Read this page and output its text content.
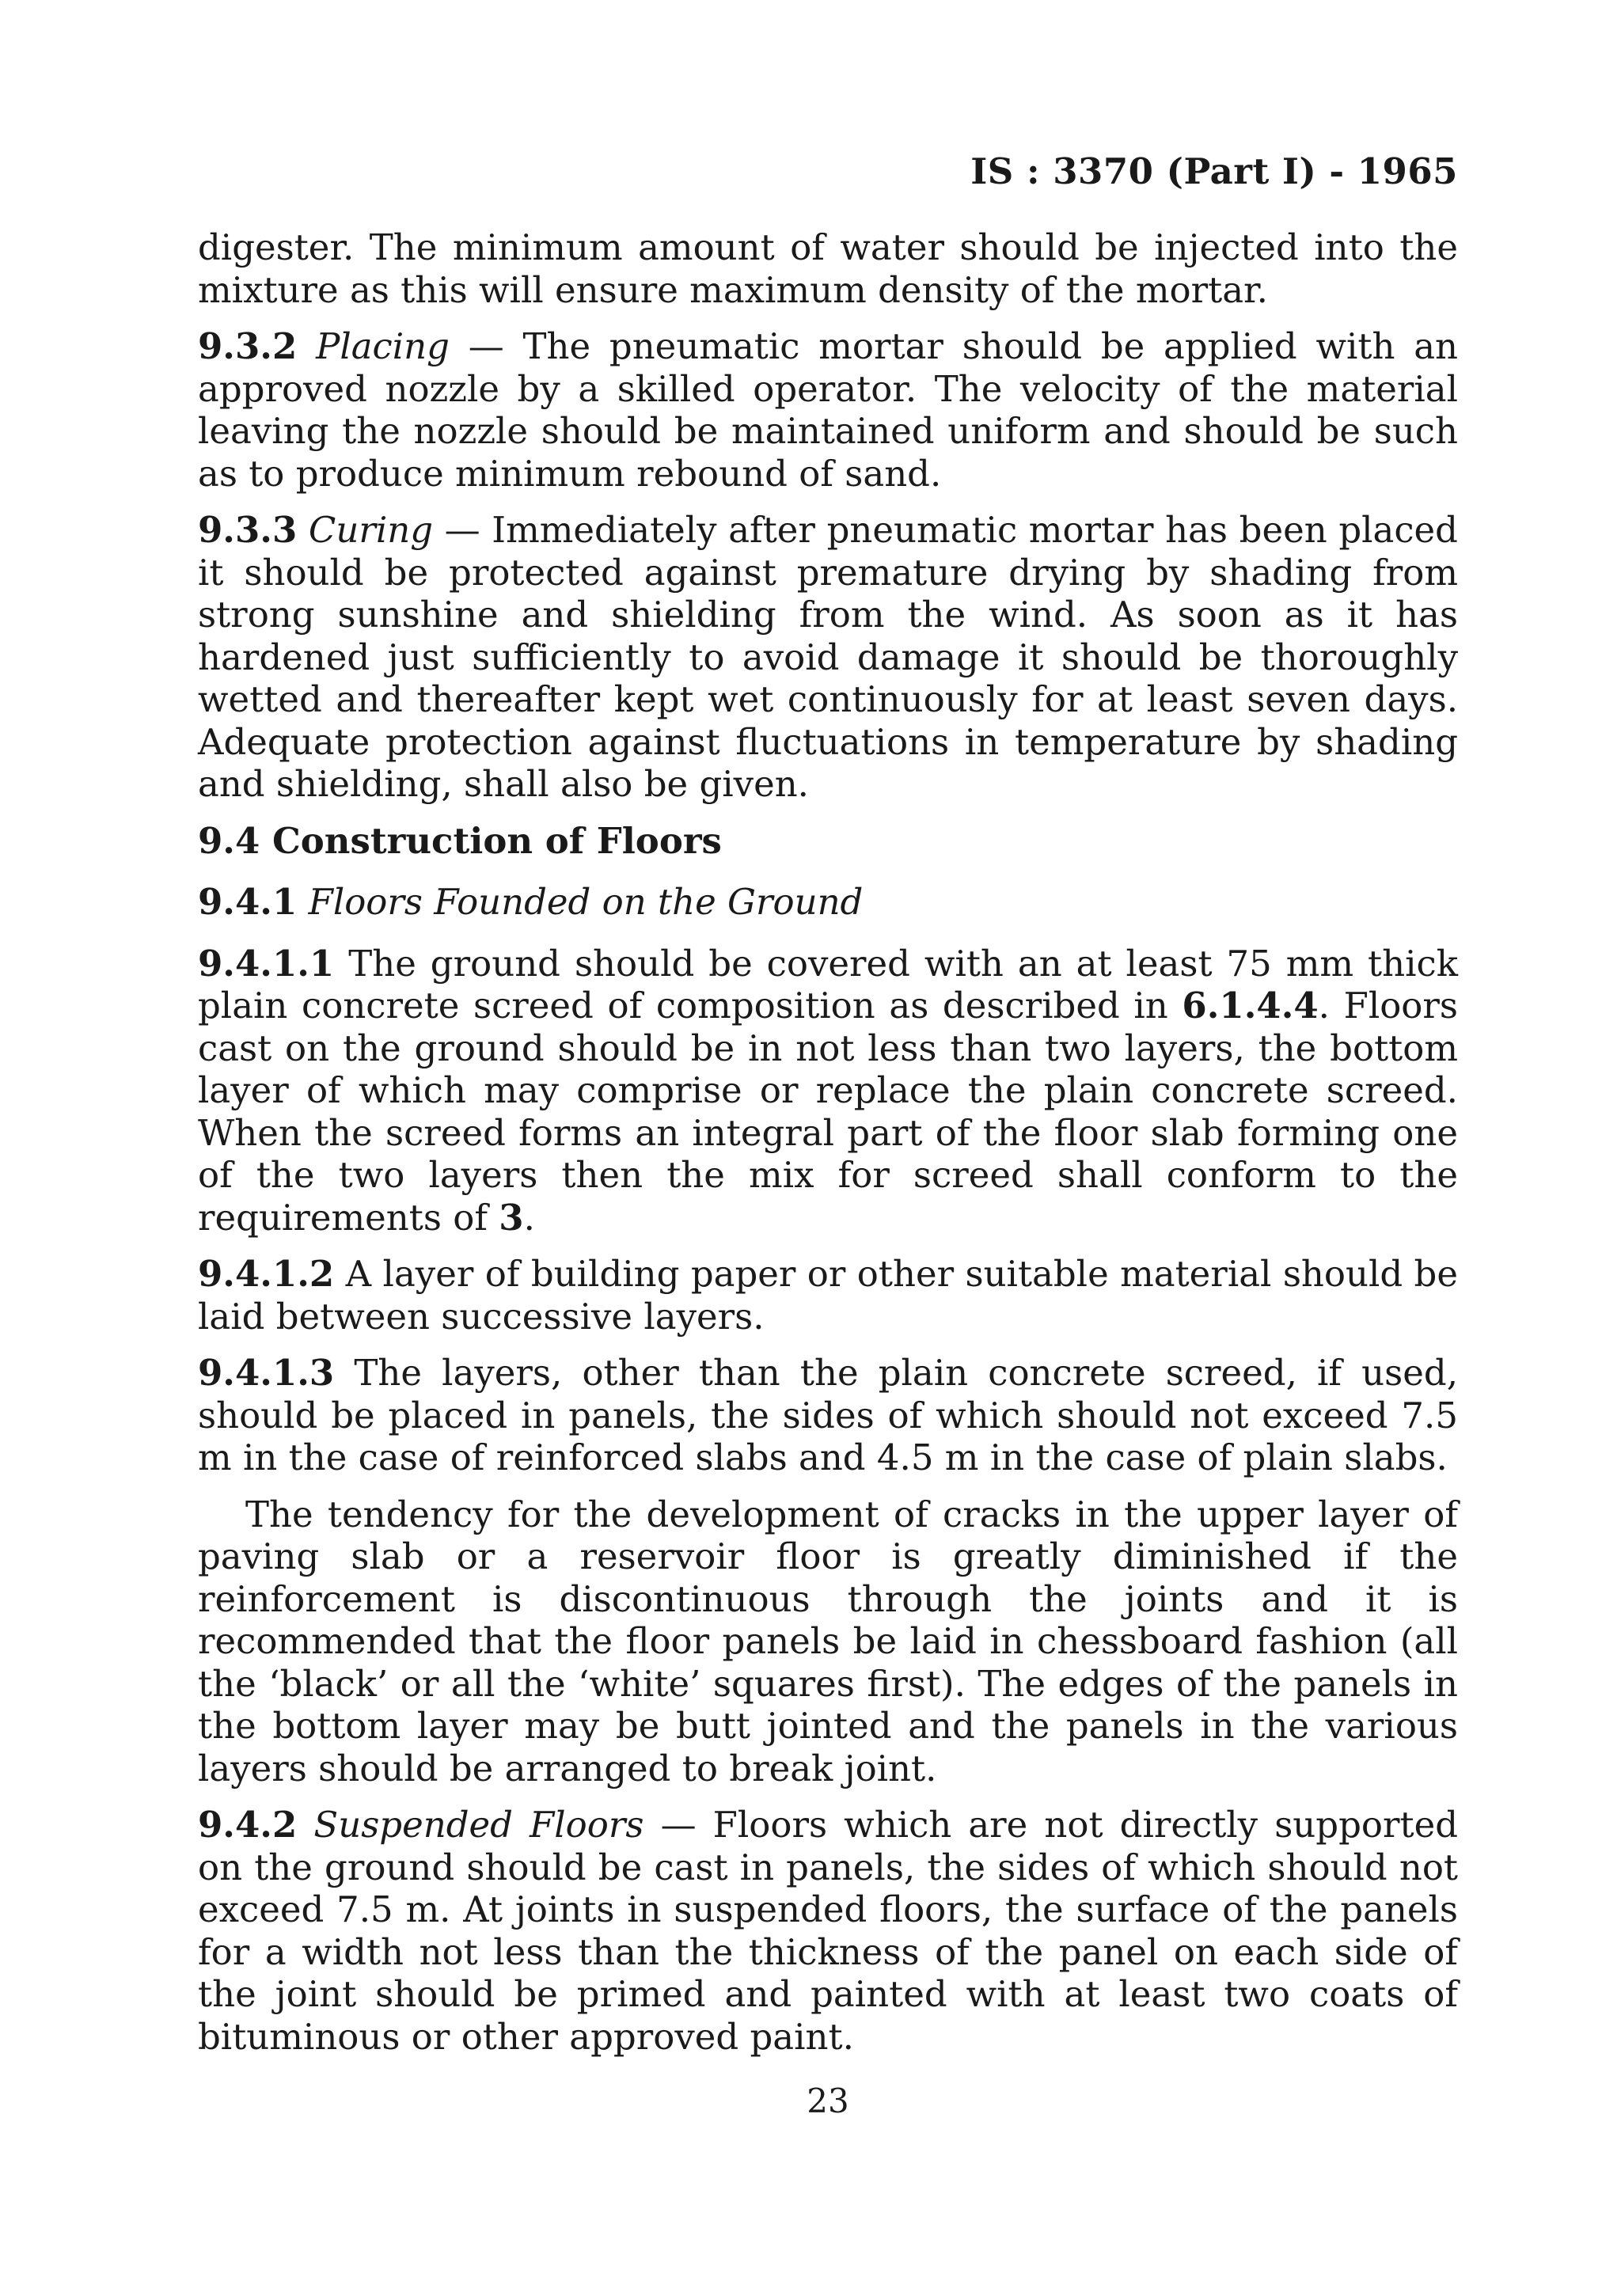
IS : 3370 (Part I) - 1965

digester. The minimum amount of water should be injected into the mixture as this will ensure maximum density of the mortar.

9.3.2 Placing — The pneumatic mortar should be applied with an approved nozzle by a skilled operator. The velocity of the material leaving the nozzle should be maintained uniform and should be such as to produce minimum rebound of sand.

9.3.3 Curing — Immediately after pneumatic mortar has been placed it should be protected against premature drying by shading from strong sunshine and shielding from the wind. As soon as it has hardened just sufficiently to avoid damage it should be thoroughly wetted and thereafter kept wet continuously for at least seven days. Adequate protection against fluctuations in temperature by shading and shielding, shall also be given.

9.4 Construction of Floors

9.4.1 Floors Founded on the Ground

9.4.1.1 The ground should be covered with an at least 75 mm thick plain concrete screed of composition as described in 6.1.4.4. Floors cast on the ground should be in not less than two layers, the bottom layer of which may comprise or replace the plain concrete screed. When the screed forms an integral part of the floor slab forming one of the two layers then the mix for screed shall conform to the requirements of 3.

9.4.1.2 A layer of building paper or other suitable material should be laid between successive layers.

9.4.1.3 The layers, other than the plain concrete screed, if used, should be placed in panels, the sides of which should not exceed 7.5 m in the case of reinforced slabs and 4.5 m in the case of plain slabs.

The tendency for the development of cracks in the upper layer of paving slab or a reservoir floor is greatly diminished if the reinforcement is discontinuous through the joints and it is recommended that the floor panels be laid in chessboard fashion (all the ‘black’ or all the ‘white’ squares first). The edges of the panels in the bottom layer may be butt jointed and the panels in the various layers should be arranged to break joint.

9.4.2 Suspended Floors — Floors which are not directly supported on the ground should be cast in panels, the sides of which should not exceed 7.5 m. At joints in suspended floors, the surface of the panels for a width not less than the thickness of the panel on each side of the joint should be primed and painted with at least two coats of bituminous or other approved paint.

23
